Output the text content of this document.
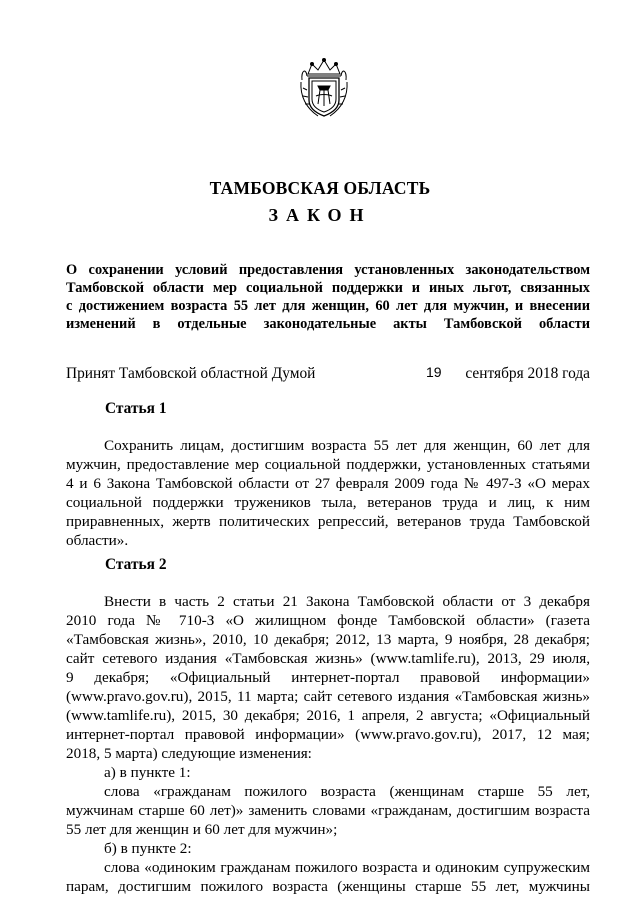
ТАМБОВСКАЯ ОБЛАСТЬ
ЗАКОН
О сохранении условий предоставления установленных законодательством
Тамбовской области мер социальной поддержки и иных льгот, связанных
с достижением возраста 55 лет для женщин, 60 лет для мужчин, и внесении
изменений в отдельные законодательные акты Тамбовской области
Принят Тамбовской областной Думой	19 сентября 2018 года
Статья 1
Сохранить лицам, достигшим возраста 55 лет для женщин, 60 лет для
мужчин, предоставление мер социальной поддержки, установленных статьями
4 и 6 Закона Тамбовской области от 27 февраля 2009 года № 497-З «О мерах
социальной поддержки тружеников тыла, ветеранов труда и лиц, к ним
приравненных, жертв политических репрессий, ветеранов труда Тамбовской
области».
Статья 2
Внести в часть 2 статьи 21 Закона Тамбовской области от 3 декабря
2010 года № 710-З «О жилищном фонде Тамбовской области» (газета
«Тамбовская жизнь», 2010, 10 декабря; 2012, 13 марта, 9 ноября, 28 декабря;
сайт сетевого издания «Тамбовская жизнь» (www.tamlife.ru), 2013, 29 июля,
9 декабря; «Официальный интернет-портал правовой информации»
(www.pravo.gov.ru), 2015, 11 марта; сайт сетевого издания «Тамбовская жизнь»
(www.tamlife.ru), 2015, 30 декабря; 2016, 1 апреля, 2 августа; «Официальный
интернет-портал правовой информации» (www.pravo.gov.ru), 2017, 12 мая;
2018, 5 марта) следующие изменения:
а) в пункте 1:
слова «гражданам пожилого возраста (женщинам старше 55 лет,
мужчинам старше 60 лет)» заменить словами «гражданам, достигшим возраста
55 лет для женщин и 60 лет для мужчин»;
б) в пункте 2:
слова «одиноким гражданам пожилого возраста и одиноким супружеским
парам, достигшим пожилого возраста (женщины старше 55 лет, мужчины
